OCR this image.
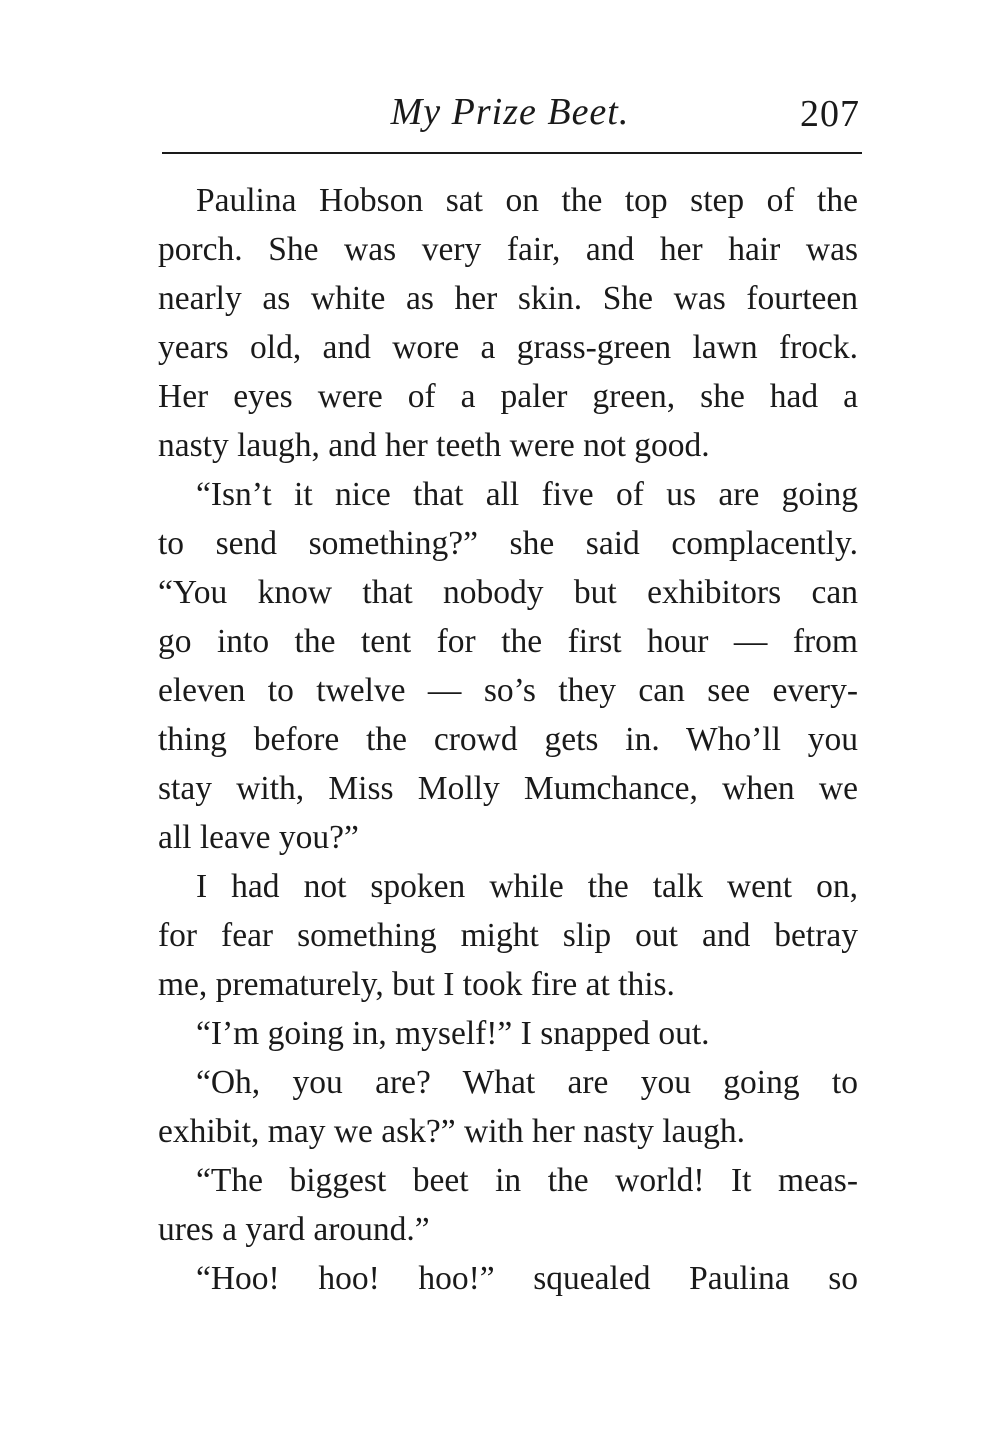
My Prize Beet.	207
Paulina Hobson sat on the top step of the
porch. She was very fair, and her hair was
nearly as white as her skin. She was fourteen
years old, and wore a grass-green lawn frock.
Her eyes were of a paler green, she had a
nasty laugh, and her teeth were not good.
“Isn’t it nice that all five of us are going
to send something?” she said complacently.
“You know that nobody but exhibitors can
go into the tent for the first hour — from
eleven to twelve — so’s they can see every-
thing before the crowd gets in. Who’ll you
stay with, Miss Molly Mumchance, when we
all leave you?”
I had not spoken while the talk went on,
for fear something might slip out and betray
me, prematurely, but I took fire at this.
“I’m going in, myself!” I snapped out.
“Oh, you are? What are you going to
exhibit, may we ask?” with her nasty laugh.
“The biggest beet in the world! It meas-
ures a yard around.”
“Hoo! hoo! hoo!” squealed Paulina so
